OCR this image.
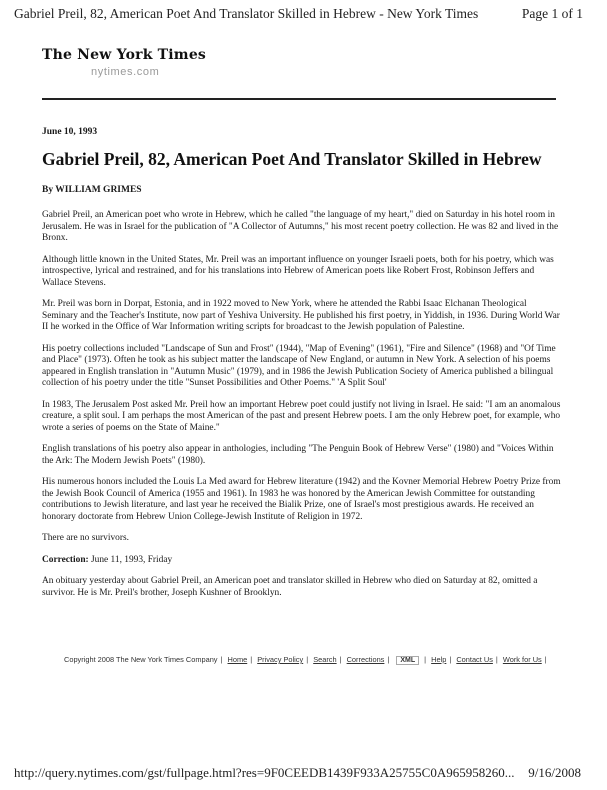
Gabriel Preil, 82, American Poet And Translator Skilled in Hebrew - New York Times	Page 1 of 1
The New York Times
nytimes.com
June 10, 1993
Gabriel Preil, 82, American Poet And Translator Skilled in Hebrew
By WILLIAM GRIMES

Gabriel Preil, an American poet who wrote in Hebrew, which he called "the language of my heart," died on Saturday in his hotel room in Jerusalem. He was in Israel for the publication of "A Collector of Autumns," his most recent poetry collection. He was 82 and lived in the Bronx.

Although little known in the United States, Mr. Preil was an important influence on younger Israeli poets, both for his poetry, which was introspective, lyrical and restrained, and for his translations into Hebrew of American poets like Robert Frost, Robinson Jeffers and Wallace Stevens.

Mr. Preil was born in Dorpat, Estonia, and in 1922 moved to New York, where he attended the Rabbi Isaac Elchanan Theological Seminary and the Teacher's Institute, now part of Yeshiva University. He published his first poetry, in Yiddish, in 1936. During World War II he worked in the Office of War Information writing scripts for broadcast to the Jewish population of Palestine.

His poetry collections included "Landscape of Sun and Frost" (1944), "Map of Evening" (1961), "Fire and Silence" (1968) and "Of Time and Place" (1973). Often he took as his subject matter the landscape of New England, or autumn in New York. A selection of his poems appeared in English translation in "Autumn Music" (1979), and in 1986 the Jewish Publication Society of America published a bilingual collection of his poetry under the title "Sunset Possibilities and Other Poems." 'A Split Soul'

In 1983, The Jerusalem Post asked Mr. Preil how an important Hebrew poet could justify not living in Israel. He said: "I am an anomalous creature, a split soul. I am perhaps the most American of the past and present Hebrew poets. I am the only Hebrew poet, for example, who wrote a series of poems on the State of Maine."

English translations of his poetry also appear in anthologies, including "The Penguin Book of Hebrew Verse" (1980) and "Voices Within the Ark: The Modern Jewish Poets" (1980).

His numerous honors included the Louis La Med award for Hebrew literature (1942) and the Kovner Memorial Hebrew Poetry Prize from the Jewish Book Council of America (1955 and 1961). In 1983 he was honored by the American Jewish Committee for outstanding contributions to Jewish literature, and last year he received the Bialik Prize, one of Israel's most prestigious awards. He received an honorary doctorate from Hebrew Union College-Jewish Institute of Religion in 1972.

There are no survivors.

Correction: June 11, 1993, Friday

An obituary yesterday about Gabriel Preil, an American poet and translator skilled in Hebrew who died on Saturday at 82, omitted a survivor. He is Mr. Preil's brother, Joseph Kushner of Brooklyn.

Copyright 2008 The New York Times Company | Home | Privacy Policy | Search | Corrections | XML | Help | Contact Us | Work for Us |
http://query.nytimes.com/gst/fullpage.html?res=9F0CEEDB1439F933A25755C0A965958260... 9/16/2008
